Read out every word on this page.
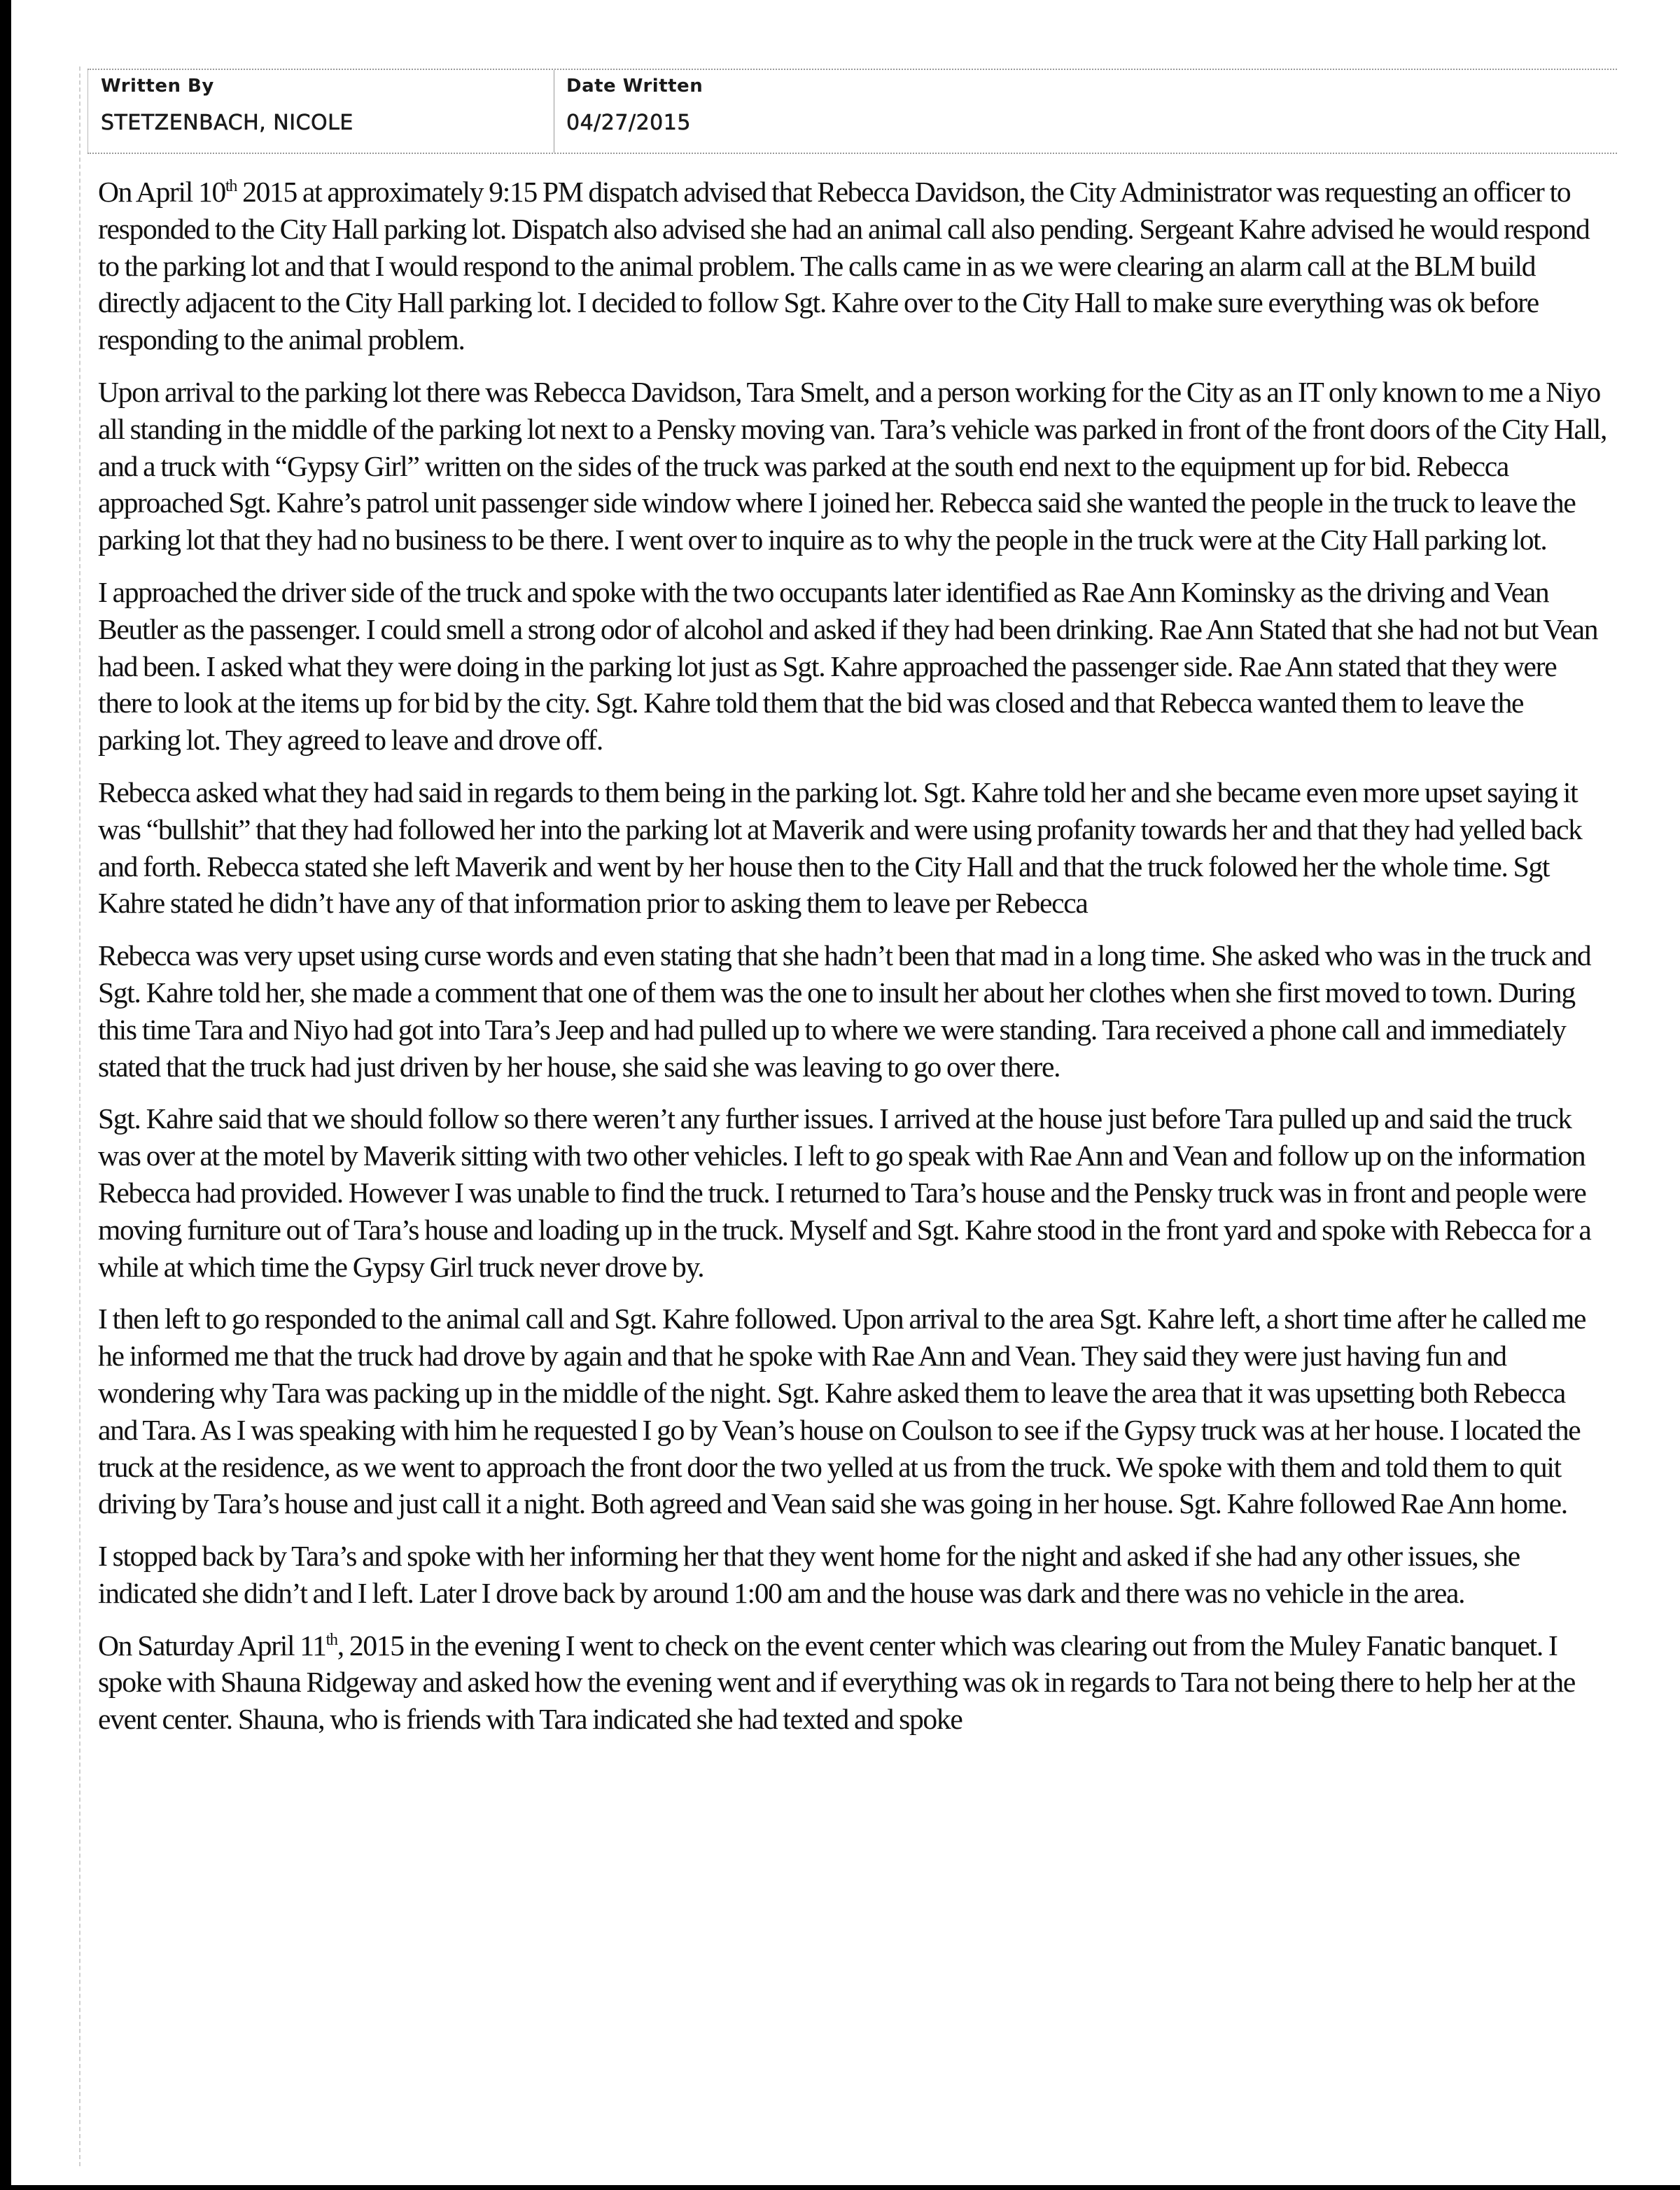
Written By
STETZENBACH, NICOLE
Date Written
04/27/2015

On April 10th 2015 at approximately 9:15 PM dispatch advised that Rebecca Davidson, the City Administrator was requesting an officer to responded to the City Hall parking lot. Dispatch also advised she had an animal call also pending. Sergeant Kahre advised he would respond to the parking lot and that I would respond to the animal problem. The calls came in as we were clearing an alarm call at the BLM build directly adjacent to the City Hall parking lot. I decided to follow Sgt. Kahre over to the City Hall to make sure everything was ok before responding to the animal problem.

Upon arrival to the parking lot there was Rebecca Davidson, Tara Smelt, and a person working for the City as an IT only known to me a Niyo all standing in the middle of the parking lot next to a Pensky moving van. Tara’s vehicle was parked in front of the front doors of the City Hall, and a truck with “Gypsy Girl” written on the sides of the truck was parked at the south end next to the equipment up for bid. Rebecca approached Sgt. Kahre’s patrol unit passenger side window where I joined her. Rebecca said she wanted the people in the truck to leave the parking lot that they had no business to be there. I went over to inquire as to why the people in the truck were at the City Hall parking lot.

I approached the driver side of the truck and spoke with the two occupants later identified as Rae Ann Kominsky as the driving and Vean Beutler as the passenger. I could smell a strong odor of alcohol and asked if they had been drinking. Rae Ann Stated that she had not but Vean had been. I asked what they were doing in the parking lot just as Sgt. Kahre approached the passenger side. Rae Ann stated that they were there to look at the items up for bid by the city. Sgt. Kahre told them that the bid was closed and that Rebecca wanted them to leave the parking lot. They agreed to leave and drove off.

Rebecca asked what they had said in regards to them being in the parking lot. Sgt. Kahre told her and she became even more upset saying it was “bullshit” that they had followed her into the parking lot at Maverik and were using profanity towards her and that they had yelled back and forth. Rebecca stated she left Maverik and went by her house then to the City Hall and that the truck folowed her the whole time. Sgt Kahre stated he didn’t have any of that information prior to asking them to leave per Rebecca

Rebecca was very upset using curse words and even stating that she hadn’t been that mad in a long time. She asked who was in the truck and Sgt. Kahre told her, she made a comment that one of them was the one to insult her about her clothes when she first moved to town. During this time Tara and Niyo had got into Tara’s Jeep and had pulled up to where we were standing. Tara received a phone call and immediately stated that the truck had just driven by her house, she said she was leaving to go over there.

Sgt. Kahre said that we should follow so there weren’t any further issues. I arrived at the house just before Tara pulled up and said the truck was over at the motel by Maverik sitting with two other vehicles. I left to go speak with Rae Ann and Vean and follow up on the information Rebecca had provided. However I was unable to find the truck. I returned to Tara’s house and the Pensky truck was in front and people were moving furniture out of Tara’s house and loading up in the truck. Myself and Sgt. Kahre stood in the front yard and spoke with Rebecca for a while at which time the Gypsy Girl truck never drove by.

I then left to go responded to the animal call and Sgt. Kahre followed. Upon arrival to the area Sgt. Kahre left, a short time after he called me he informed me that the truck had drove by again and that he spoke with Rae Ann and Vean. They said they were just having fun and wondering why Tara was packing up in the middle of the night. Sgt. Kahre asked them to leave the area that it was upsetting both Rebecca and Tara. As I was speaking with him he requested I go by Vean’s house on Coulson to see if the Gypsy truck was at her house. I located the truck at the residence, as we went to approach the front door the two yelled at us from the truck. We spoke with them and told them to quit driving by Tara’s house and just call it a night. Both agreed and Vean said she was going in her house. Sgt. Kahre followed Rae Ann home.

I stopped back by Tara’s and spoke with her informing her that they went home for the night and asked if she had any other issues, she indicated she didn’t and I left. Later I drove back by around 1:00 am and the house was dark and there was no vehicle in the area.

On Saturday April 11th, 2015 in the evening I went to check on the event center which was clearing out from the Muley Fanatic banquet. I spoke with Shauna Ridgeway and asked how the evening went and if everything was ok in regards to Tara not being there to help her at the event center. Shauna, who is friends with Tara indicated she had texted and spoke
